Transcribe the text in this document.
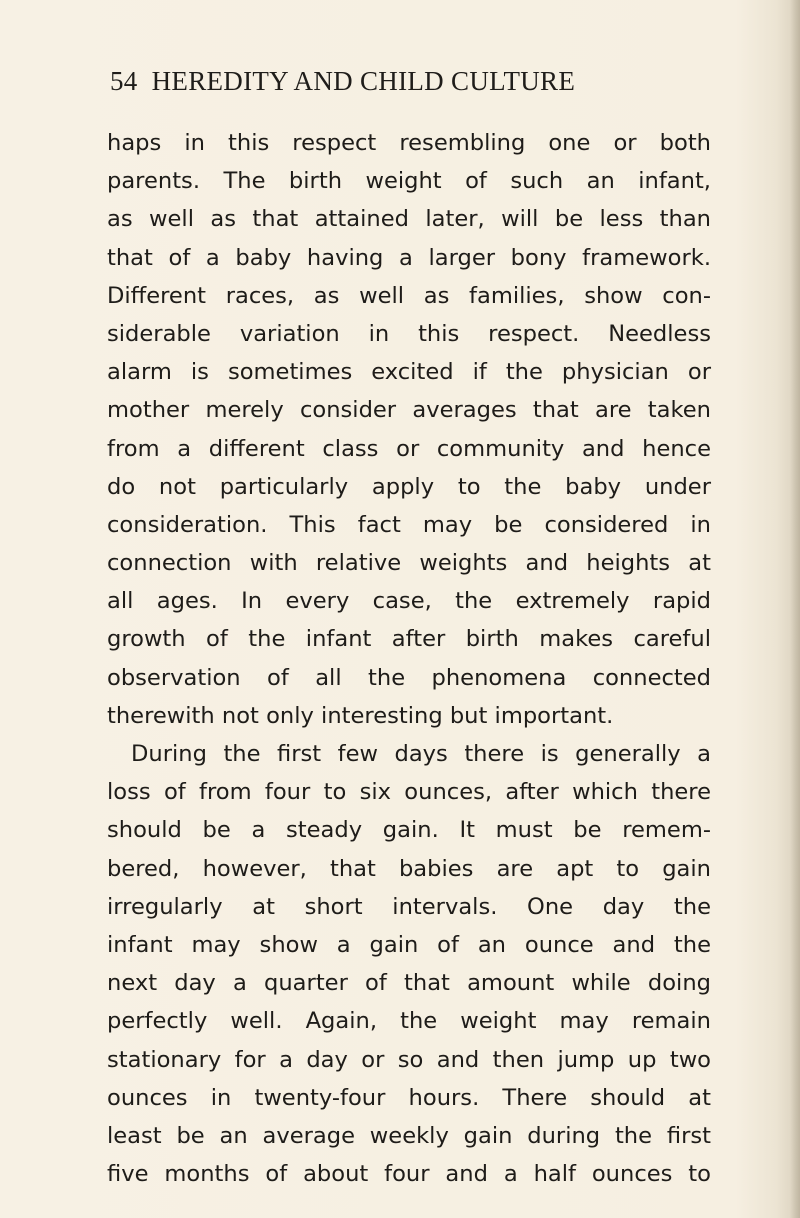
54 HEREDITY AND CHILD CULTURE
haps in this respect resembling one or both
parents. The birth weight of such an infant,
as well as that attained later, will be less than
that of a baby having a larger bony framework.
Different races, as well as families, show con-
siderable variation in this respect. Needless
alarm is sometimes excited if the physician or
mother merely consider averages that are taken
from a different class or community and hence
do not particularly apply to the baby under
consideration. This fact may be considered in
connection with relative weights and heights at
all ages. In every case, the extremely rapid
growth of the infant after birth makes careful
observation of all the phenomena connected
therewith not only interesting but important.
During the first few days there is generally a
loss of from four to six ounces, after which there
should be a steady gain. It must be remem-
bered, however, that babies are apt to gain
irregularly at short intervals. One day the
infant may show a gain of an ounce and the
next day a quarter of that amount while doing
perfectly well. Again, the weight may remain
stationary for a day or so and then jump up two
ounces in twenty-four hours. There should at
least be an average weekly gain during the first
five months of about four and a half ounces to
